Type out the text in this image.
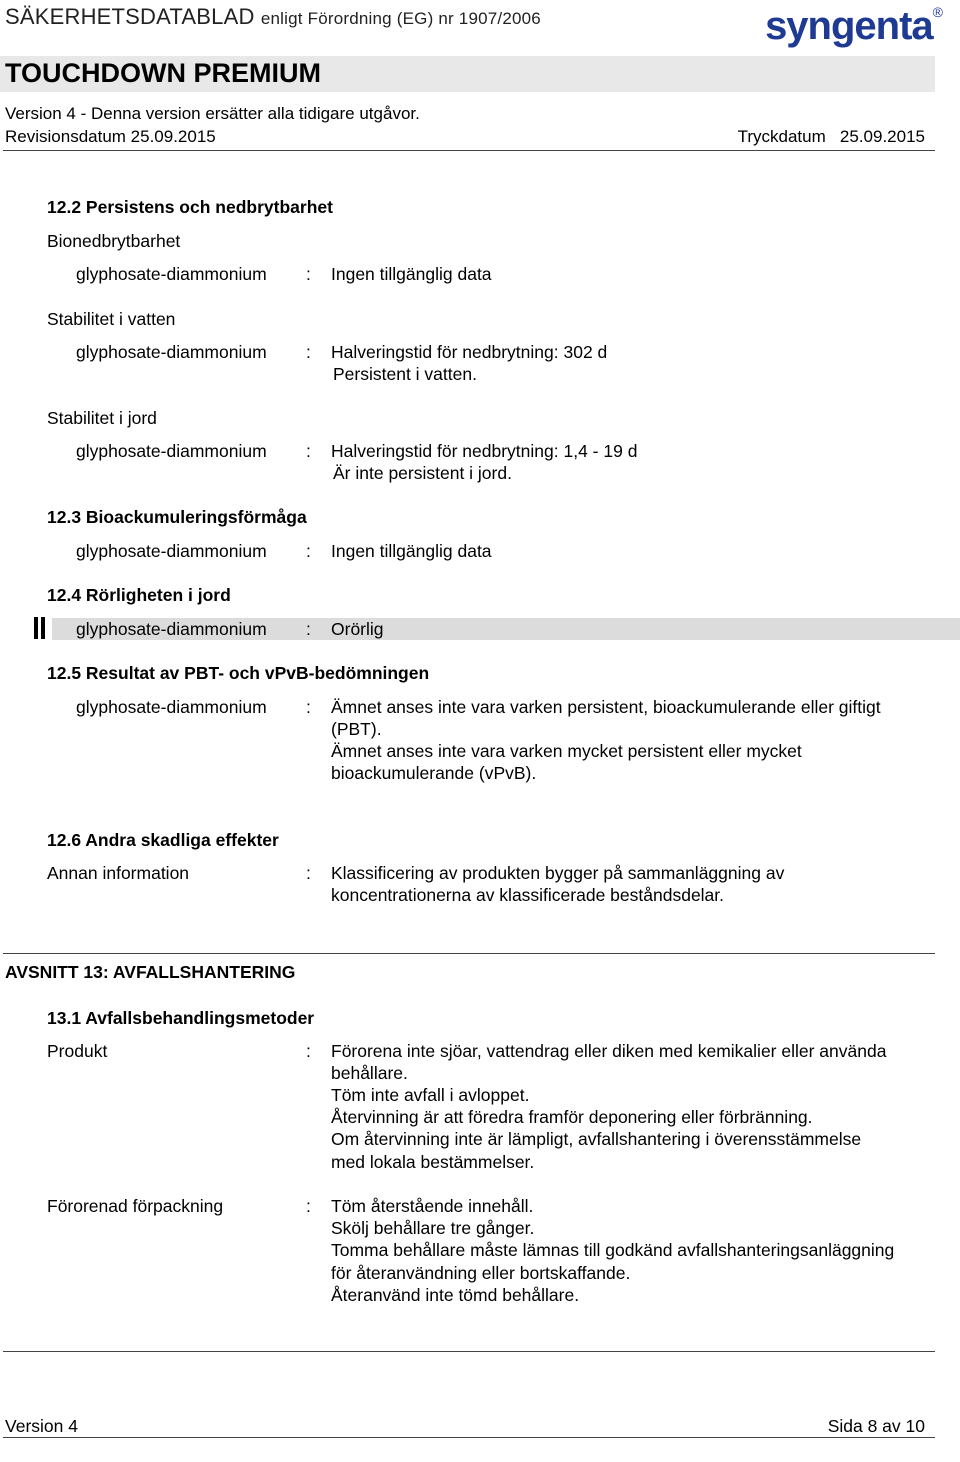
SÄKERHETSDATABLAD enligt Förordning (EG) nr 1907/2006	syngenta®
TOUCHDOWN PREMIUM
Version 4 - Denna version ersätter alla tidigare utgåvor.
Revisionsdatum 25.09.2015	Tryckdatum   25.09.2015
12.2 Persistens och nedbrytbarhet
Bionedbrytbarhet
glyphosate-diammonium : Ingen tillgänglig data
Stabilitet i vatten
glyphosate-diammonium : Halveringstid för nedbrytning: 302 d
Persistent i vatten.
Stabilitet i jord
glyphosate-diammonium : Halveringstid för nedbrytning: 1,4 - 19 d
Är inte persistent i jord.
12.3 Bioackumuleringsförmåga
glyphosate-diammonium : Ingen tillgänglig data
12.4 Rörligheten i jord
glyphosate-diammonium : Orörlig
12.5 Resultat av PBT- och vPvB-bedömningen
glyphosate-diammonium : Ämnet anses inte vara varken persistent, bioackumulerande eller giftigt
(PBT).
Ämnet anses inte vara varken mycket persistent eller mycket
bioackumulerande (vPvB).
12.6 Andra skadliga effekter
Annan information	: Klassificering av produkten bygger på sammanläggning av
koncentrationerna av klassificerade beståndsdelar.
AVSNITT 13: AVFALLSHANTERING
13.1 Avfallsbehandlingsmetoder
Produkt	: Förorena inte sjöar, vattendrag eller diken med kemikalier eller använda
behållare.
Töm inte avfall i avloppet.
Återvinning är att föredra framför deponering eller förbränning.
Om återvinning inte är lämpligt, avfallshantering i överensstämmelse
med lokala bestämmelser.
Förorenad förpackning	: Töm återstående innehåll.
Skölj behållare tre gånger.
Tomma behållare måste lämnas till godkänd avfallshanteringsanläggning
för återanvändning eller bortskaffande.
Återanvänd inte tömd behållare.
Version 4	Sida 8 av 10
